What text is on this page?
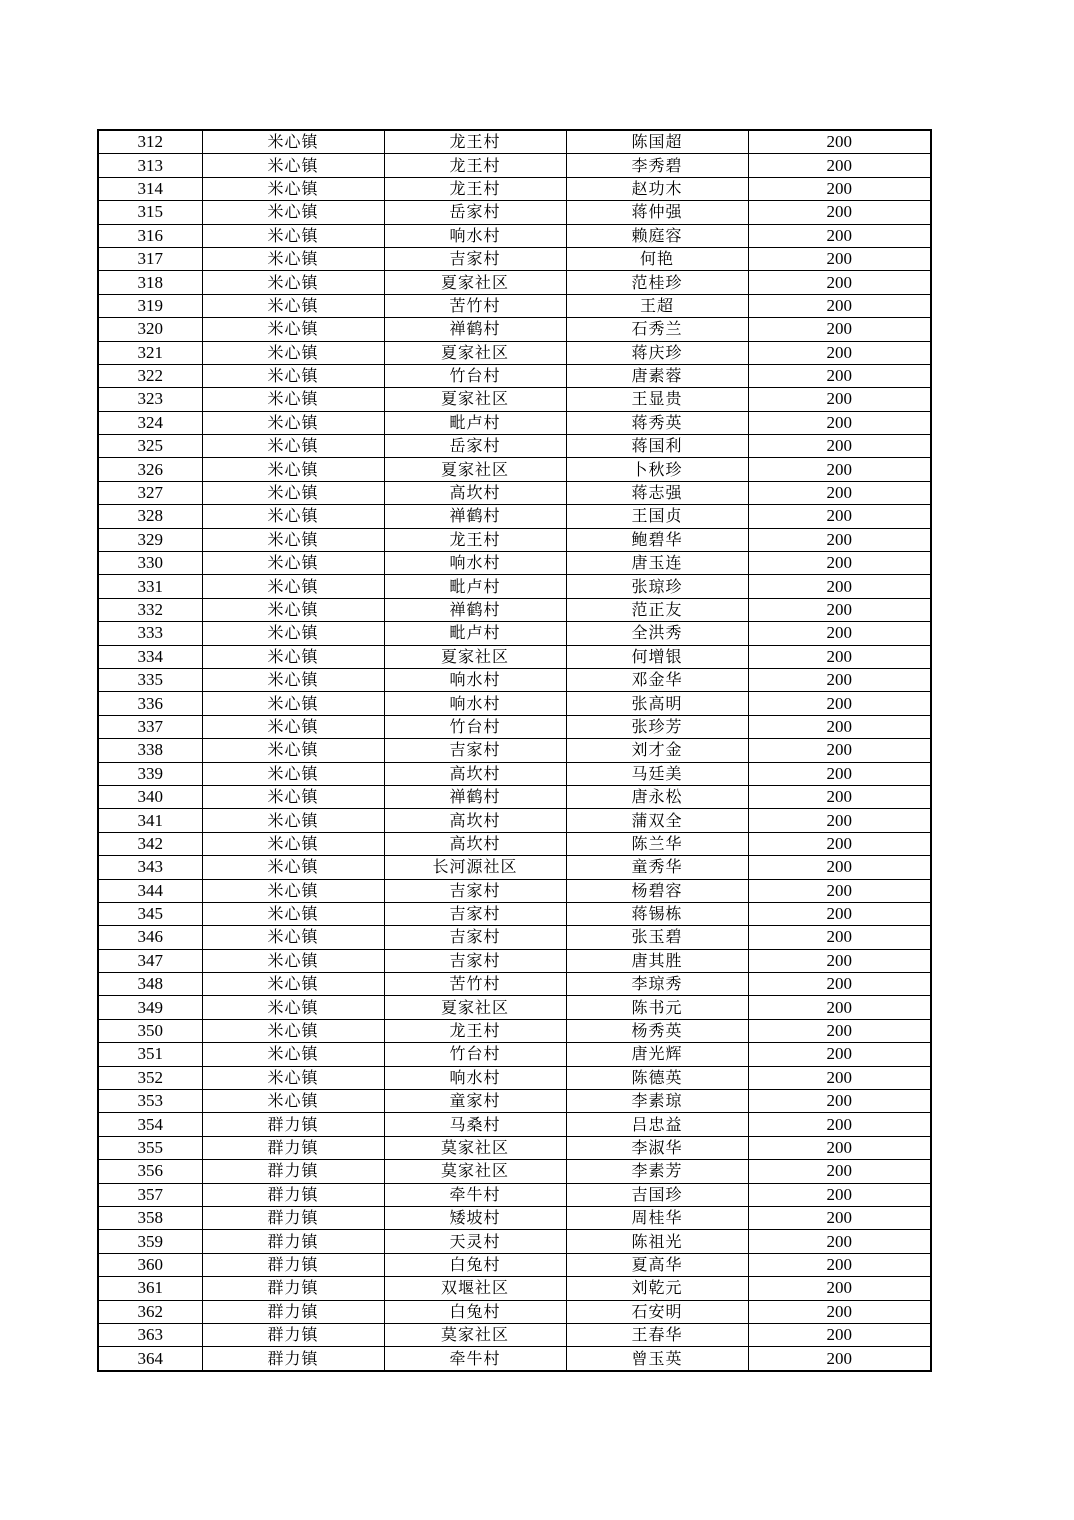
312	米心镇	龙王村	陈国超	200
313	米心镇	龙王村	李秀碧	200
314	米心镇	龙王村	赵功木	200
315	米心镇	岳家村	蒋仲强	200
316	米心镇	响水村	赖庭容	200
317	米心镇	吉家村	何艳	200
318	米心镇	夏家社区	范桂珍	200
319	米心镇	苦竹村	王超	200
320	米心镇	禅鹤村	石秀兰	200
321	米心镇	夏家社区	蒋庆珍	200
322	米心镇	竹台村	唐素蓉	200
323	米心镇	夏家社区	王显贵	200
324	米心镇	毗卢村	蒋秀英	200
325	米心镇	岳家村	蒋国利	200
326	米心镇	夏家社区	卜秋珍	200
327	米心镇	高坎村	蒋志强	200
328	米心镇	禅鹤村	王国贞	200
329	米心镇	龙王村	鲍碧华	200
330	米心镇	响水村	唐玉连	200
331	米心镇	毗卢村	张琼珍	200
332	米心镇	禅鹤村	范正友	200
333	米心镇	毗卢村	全洪秀	200
334	米心镇	夏家社区	何增银	200
335	米心镇	响水村	邓金华	200
336	米心镇	响水村	张高明	200
337	米心镇	竹台村	张珍芳	200
338	米心镇	吉家村	刘才金	200
339	米心镇	高坎村	马廷美	200
340	米心镇	禅鹤村	唐永松	200
341	米心镇	高坎村	蒲双全	200
342	米心镇	高坎村	陈兰华	200
343	米心镇	长河源社区	童秀华	200
344	米心镇	吉家村	杨碧容	200
345	米心镇	吉家村	蒋锡栋	200
346	米心镇	吉家村	张玉碧	200
347	米心镇	吉家村	唐其胜	200
348	米心镇	苦竹村	李琼秀	200
349	米心镇	夏家社区	陈书元	200
350	米心镇	龙王村	杨秀英	200
351	米心镇	竹台村	唐光辉	200
352	米心镇	响水村	陈德英	200
353	米心镇	童家村	李素琼	200
354	群力镇	马桑村	吕忠益	200
355	群力镇	莫家社区	李淑华	200
356	群力镇	莫家社区	李素芳	200
357	群力镇	牵牛村	吉国珍	200
358	群力镇	矮坡村	周桂华	200
359	群力镇	天灵村	陈祖光	200
360	群力镇	白兔村	夏高华	200
361	群力镇	双堰社区	刘乾元	200
362	群力镇	白兔村	石安明	200
363	群力镇	莫家社区	王春华	200
364	群力镇	牵牛村	曾玉英	200
